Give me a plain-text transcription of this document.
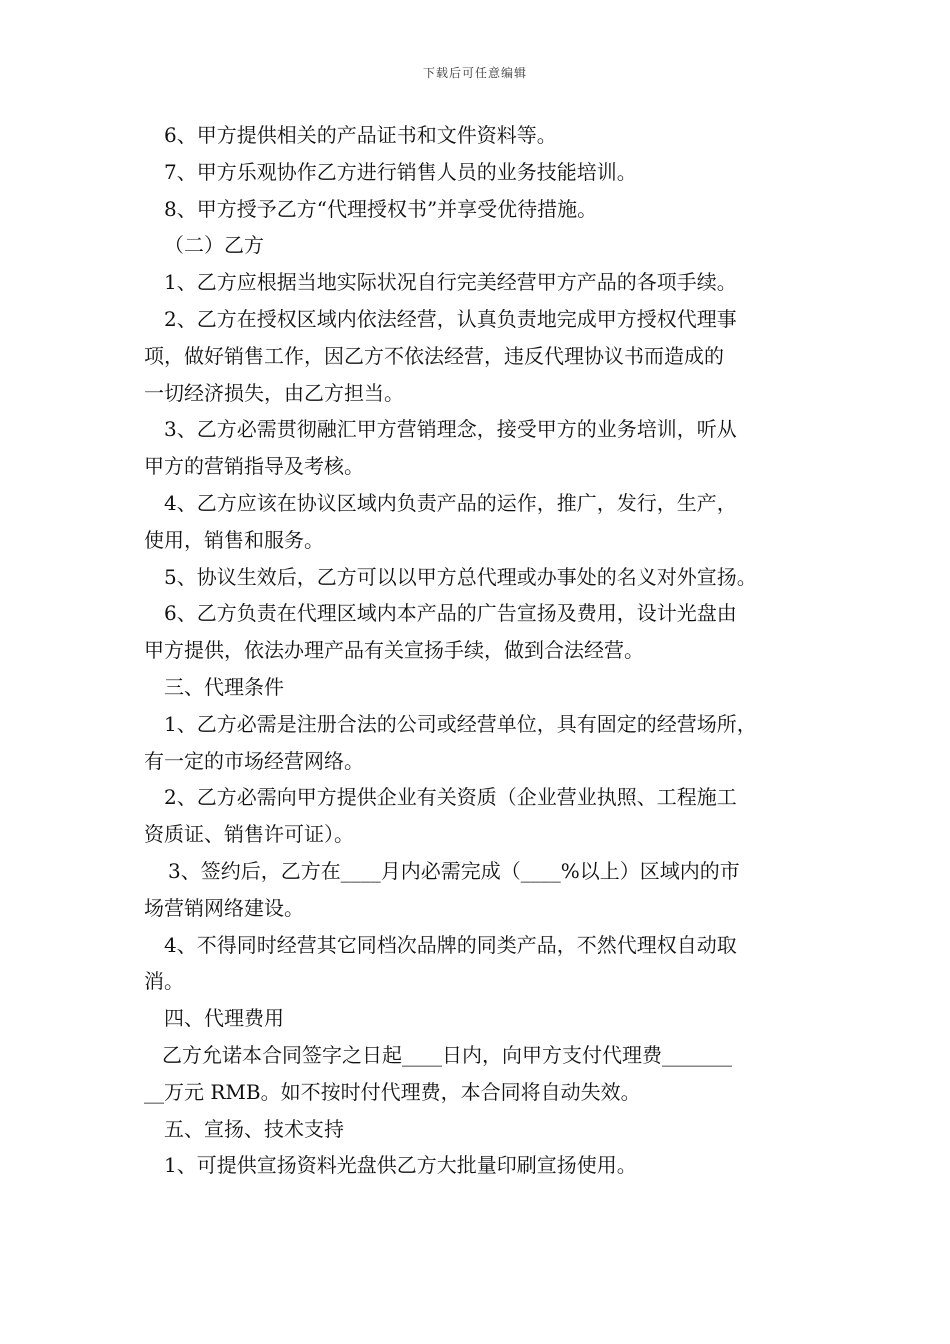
下载后可任意编辑

6、甲方提供相关的产品证书和文件资料等。

7、甲方乐观协作乙方进行销售人员的业务技能培训。

8、甲方授予乙方“代理授权书”并享受优待措施。

（二）乙方

1、乙方应根据当地实际状况自行完美经营甲方产品的各项手续。

2、乙方在授权区域内依法经营，认真负责地完成甲方授权代理事

项，做好销售工作，因乙方不依法经营，违反代理协议书而造成的

一切经济损失，由乙方担当。

3、乙方必需贯彻融汇甲方营销理念，接受甲方的业务培训，听从

甲方的营销指导及考核。

4、乙方应该在协议区域内负责产品的运作，推广，发行，生产，

使用，销售和服务。

5、协议生效后，乙方可以以甲方总代理或办事处的名义对外宣扬。

6、乙方负责在代理区域内本产品的广告宣扬及费用，设计光盘由

甲方提供，依法办理产品有关宣扬手续，做到合法经营。

三、代理条件

1、乙方必需是注册合法的公司或经营单位，具有固定的经营场所，

有一定的市场经营网络。

2、乙方必需向甲方提供企业有关资质（企业营业执照、工程施工

资质证、销售许可证）。

3、签约后，乙方在____月内必需完成（____%以上）区域内的市

场营销网络建设。

4、不得同时经营其它同档次品牌的同类产品，不然代理权自动取

消。

四、代理费用

乙方允诺本合同签字之日起____日内，向甲方支付代理费_______

__万元 RMB。如不按时付代理费，本合同将自动失效。

五、宣扬、技术支持

1、可提供宣扬资料光盘供乙方大批量印刷宣扬使用。
